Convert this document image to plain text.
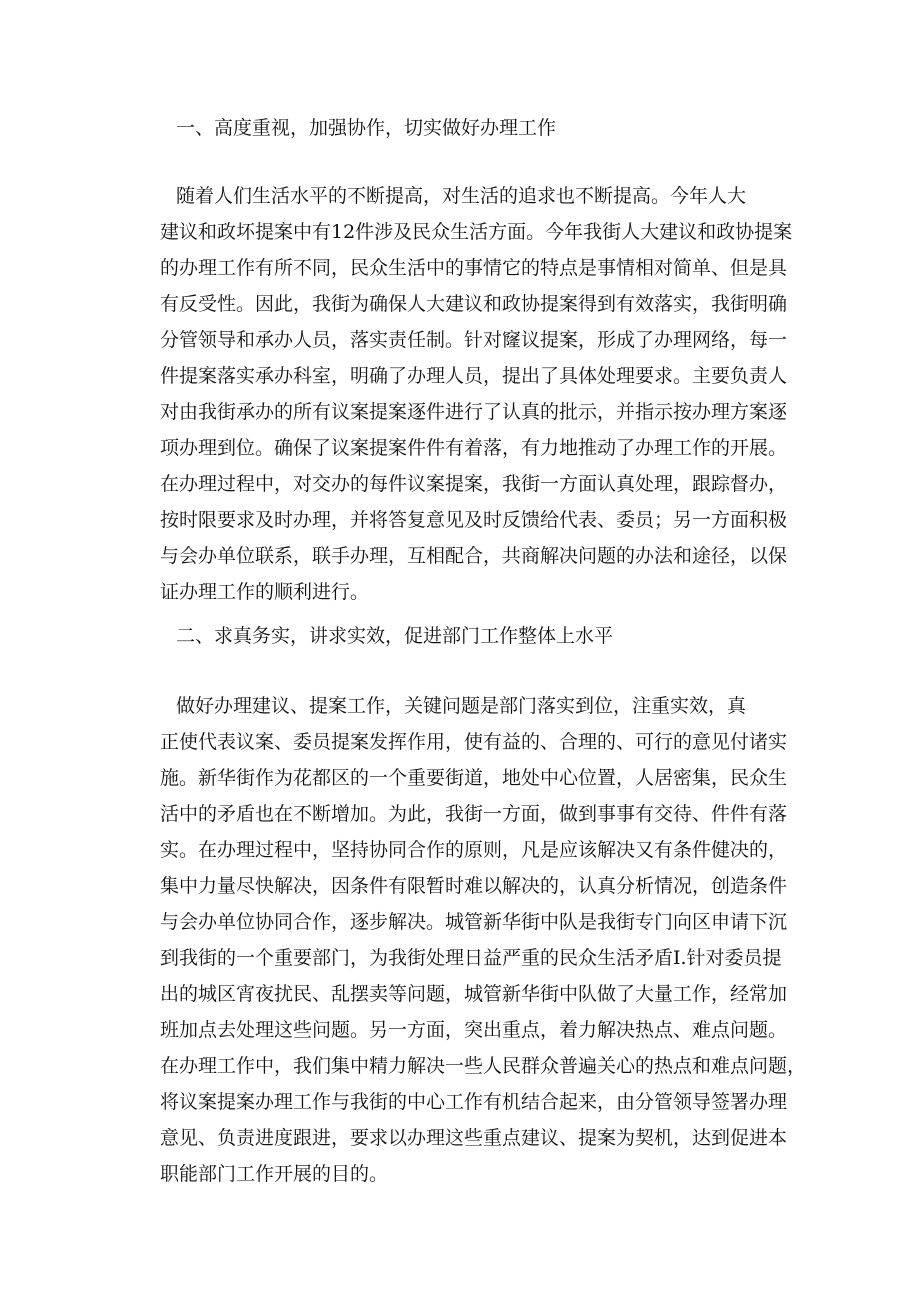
一、高度重视，加强协作，切实做好办理工作
随着人们生活水平的不断提高，对生活的追求也不断提高。今年人大
建议和政坏提案中有12件涉及民众生活方面。今年我街人大建议和政协提案
的办理工作有所不同，民众生活中的事情它的特点是事情相对简单、但是具
有反受性。因此，我街为确保人大建议和政协提案得到有效落实，我街明确
分管领导和承办人员，落实责任制。针对窿议提案，形成了办理网络，每一
件提案落实承办科室，明确了办理人员，提出了具体处理要求。主要负责人
对由我街承办的所有议案提案逐件进行了认真的批示，并指示按办理方案逐
项办理到位。确保了议案提案件件有着落，有力地推动了办理工作的开展。
在办理过程中，对交办的每件议案提案，我街一方面认真处理，跟踪督办，
按时限要求及时办理，并将答复意见及时反馈给代表、委员；另一方面积极
与会办单位联系，联手办理，互相配合，共商解决问题的办法和途径，以保
证办理工作的顺利进行。
二、求真务实，讲求实效，促进部门工作整体上水平
做好办理建议、提案工作，关键问题是部门落实到位，注重实效，真
正使代表议案、委员提案发挥作用，使有益的、合理的、可行的意见付诸实
施。新华街作为花都区的一个重要街道，地处中心位置，人居密集，民众生
活中的矛盾也在不断增加。为此，我街一方面，做到事事有交待、件件有落
实。在办理过程中，坚持协同合作的原则，凡是应该解决又有条件健决的，
集中力量尽快解决，因条件有限暂时难以解决的，认真分析情况，创造条件
与会办单位协同合作，逐步解决。城管新华街中队是我街专门向区申请下沉
到我街的一个重要部门，为我街处理日益严重的民众生活矛盾I.针对委员提
出的城区宵夜扰民、乱摆卖等问题，城管新华街中队做了大量工作，经常加
班加点去处理这些问题。另一方面，突出重点，着力解决热点、难点问题。
在办理工作中，我们集中精力解决一些人民群众普遍关心的热点和难点问题，
将议案提案办理工作与我街的中心工作有机结合起来，由分管领导签署办理
意见、负责进度跟进，要求以办理这些重点建议、提案为契机，达到促进本
职能部门工作开展的目的。
